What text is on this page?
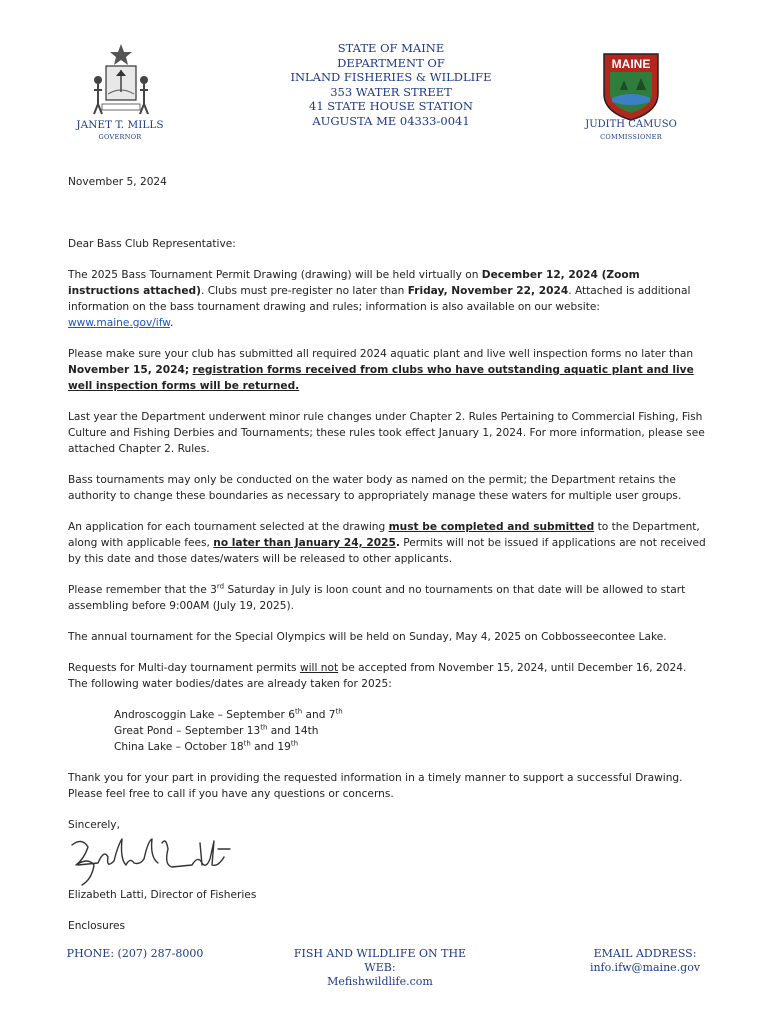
JANET T. MILLS
GOVERNOR
STATE OF MAINE
DEPARTMENT OF
INLAND FISHERIES & WILDLIFE
353 WATER STREET
41 STATE HOUSE STATION
AUGUSTA ME 04333-0041
MAINE
JUDITH CAMUSO
COMMISSIONER

November 5, 2024

Dear Bass Club Representative:

The 2025 Bass Tournament Permit Drawing (drawing) will be held virtually on December 12, 2024 (Zoom instructions attached). Clubs must pre-register no later than Friday, November 22, 2024. Attached is additional information on the bass tournament drawing and rules; information is also available on our website: www.maine.gov/ifw.

Please make sure your club has submitted all required 2024 aquatic plant and live well inspection forms no later than November 15, 2024; registration forms received from clubs who have outstanding aquatic plant and live well inspection forms will be returned.

Last year the Department underwent minor rule changes under Chapter 2. Rules Pertaining to Commercial Fishing, Fish Culture and Fishing Derbies and Tournaments; these rules took effect January 1, 2024. For more information, please see attached Chapter 2. Rules.

Bass tournaments may only be conducted on the water body as named on the permit; the Department retains the authority to change these boundaries as necessary to appropriately manage these waters for multiple user groups.

An application for each tournament selected at the drawing must be completed and submitted to the Department, along with applicable fees, no later than January 24, 2025. Permits will not be issued if applications are not received by this date and those dates/waters will be released to other applicants.

Please remember that the 3rd Saturday in July is loon count and no tournaments on that date will be allowed to start assembling before 9:00AM (July 19, 2025).

The annual tournament for the Special Olympics will be held on Sunday, May 4, 2025 on Cobbosseecontee Lake.

Requests for Multi-day tournament permits will not be accepted from November 15, 2024, until December 16, 2024. The following water bodies/dates are already taken for 2025:

Androscoggin Lake – September 6th and 7th
Great Pond – September 13th and 14th
China Lake – October 18th and 19th

Thank you for your part in providing the requested information in a timely manner to support a successful Drawing. Please feel free to call if you have any questions or concerns.

Sincerely,

Elizabeth Latti, Director of Fisheries

Enclosures

PHONE: (207) 287-8000	FISH AND WILDLIFE ON THE
WEB:
Mefishwildlife.com
EMAIL ADDRESS:
info.ifw@maine.gov
